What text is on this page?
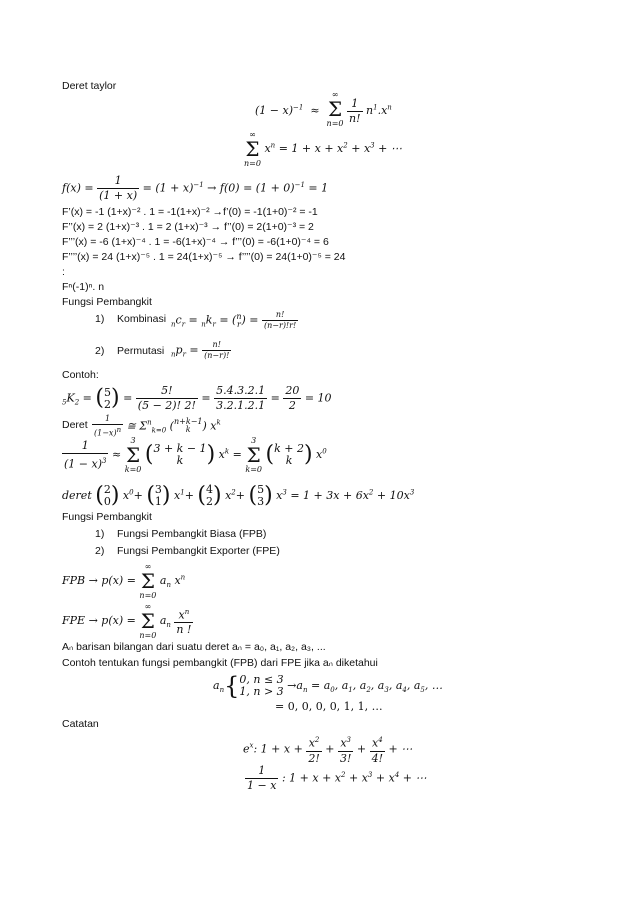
Deret taylor
$(1 - x)^{-1}$  ≈
∞
Σ
n=0
$\frac{1}{n!} n^1.x^n$
∞
Σ
n=0
$x^n = 1 + x + x^2 + x^3$ + ⋯
$f(x) = \frac{1}{(1 + x)} = (1 + x)^{-1} \to f(0) = (1 + 0)^{-1} = 1$
F’(x) = -1 (1+x)⁻² . 1 = -1(1+x)⁻² →f’(0) = -1(1+0)⁻² = -1
F’’(x) = 2 (1+x)⁻³ . 1 = 2 (1+x)⁻³ → f’’(0) = 2(1+0)⁻³ = 2
F’’’(x) = -6 (1+x)⁻⁴ . 1 = -6(1+x)⁻⁴ → f’’’(0) = -6(1+0)⁻⁴ = 6
F’’’’(x) = 24 (1+x)⁻⁵ . 1 = 24(1+x)⁻⁵ → f’’’’(0) = 24(1+0)⁻⁵ = 24
:
Fⁿ(-1)ⁿ. n
Fungsi Pembangkit
1) Kombinasi $_nc_r = _nk_r = (n$
$r) = \frac{n!}{(n-r)!r!}$
2) Permutasi $_np_r = \frac{n!}{(n-r)!}$
Contoh:
$_5K_2 = (5$
$2) = \frac{5!}{(5 - 2)! 2!} = \frac{5.4.3.2.1}{3.2.1.2.1} = \frac{20}{2} = 10$
Deret $\frac{1}{(1-x)^n}$ ≅ $\Sigma^n_{k=0}$ (n+k−1
k ) $x^k$
$\frac{1}{(1 - x)^3}$ ≈
3
Σ
k=0
(3 + k − 1
k ) $x^k$ =
3
Σ
k=0
(k + 2
k ) $x^0$
deret (2
0) $x^0+ (3$
1) $x^1+ (4$
2) $x^2+ (5$
3) $x^3 = 1 + 3x + 6x^2 + 10x^3$
Fungsi Pembangkit
1) Fungsi Pembangkit Biasa (FPB)
2) Fungsi Pembangkit Exporter (FPE)
FPB → p(x) =
∞
Σ
n=0
$a_n$ $x^n$
FPE → p(x) =
∞
Σ
n=0
$a_n \frac{x^n}{n !}$
Aₙ barisan bilangan dari suatu deret aₙ = a₀, a₁, a₂, a₃, ...
Contoh tentukan fungsi pembangkit (FPB) dari FPE jika aₙ diketahui
$a_n\{0$, n ≤ 3
1, $n > 3 \to a_n = a_0$, $a_1$, $a_2$, $a_3$, $a_4$, $a_5$, …
= 0, 0, 0, 0, 1, 1, …
Catatan
$e^x$: $1 + x + \frac{x^2}{2!} + \frac{x^3}{3!} + \frac{x^4}{4!}$ + ⋯
$\frac{1}{1 - x}$ : $1 + x + x^2 + x^3 + x^4$ + ⋯
